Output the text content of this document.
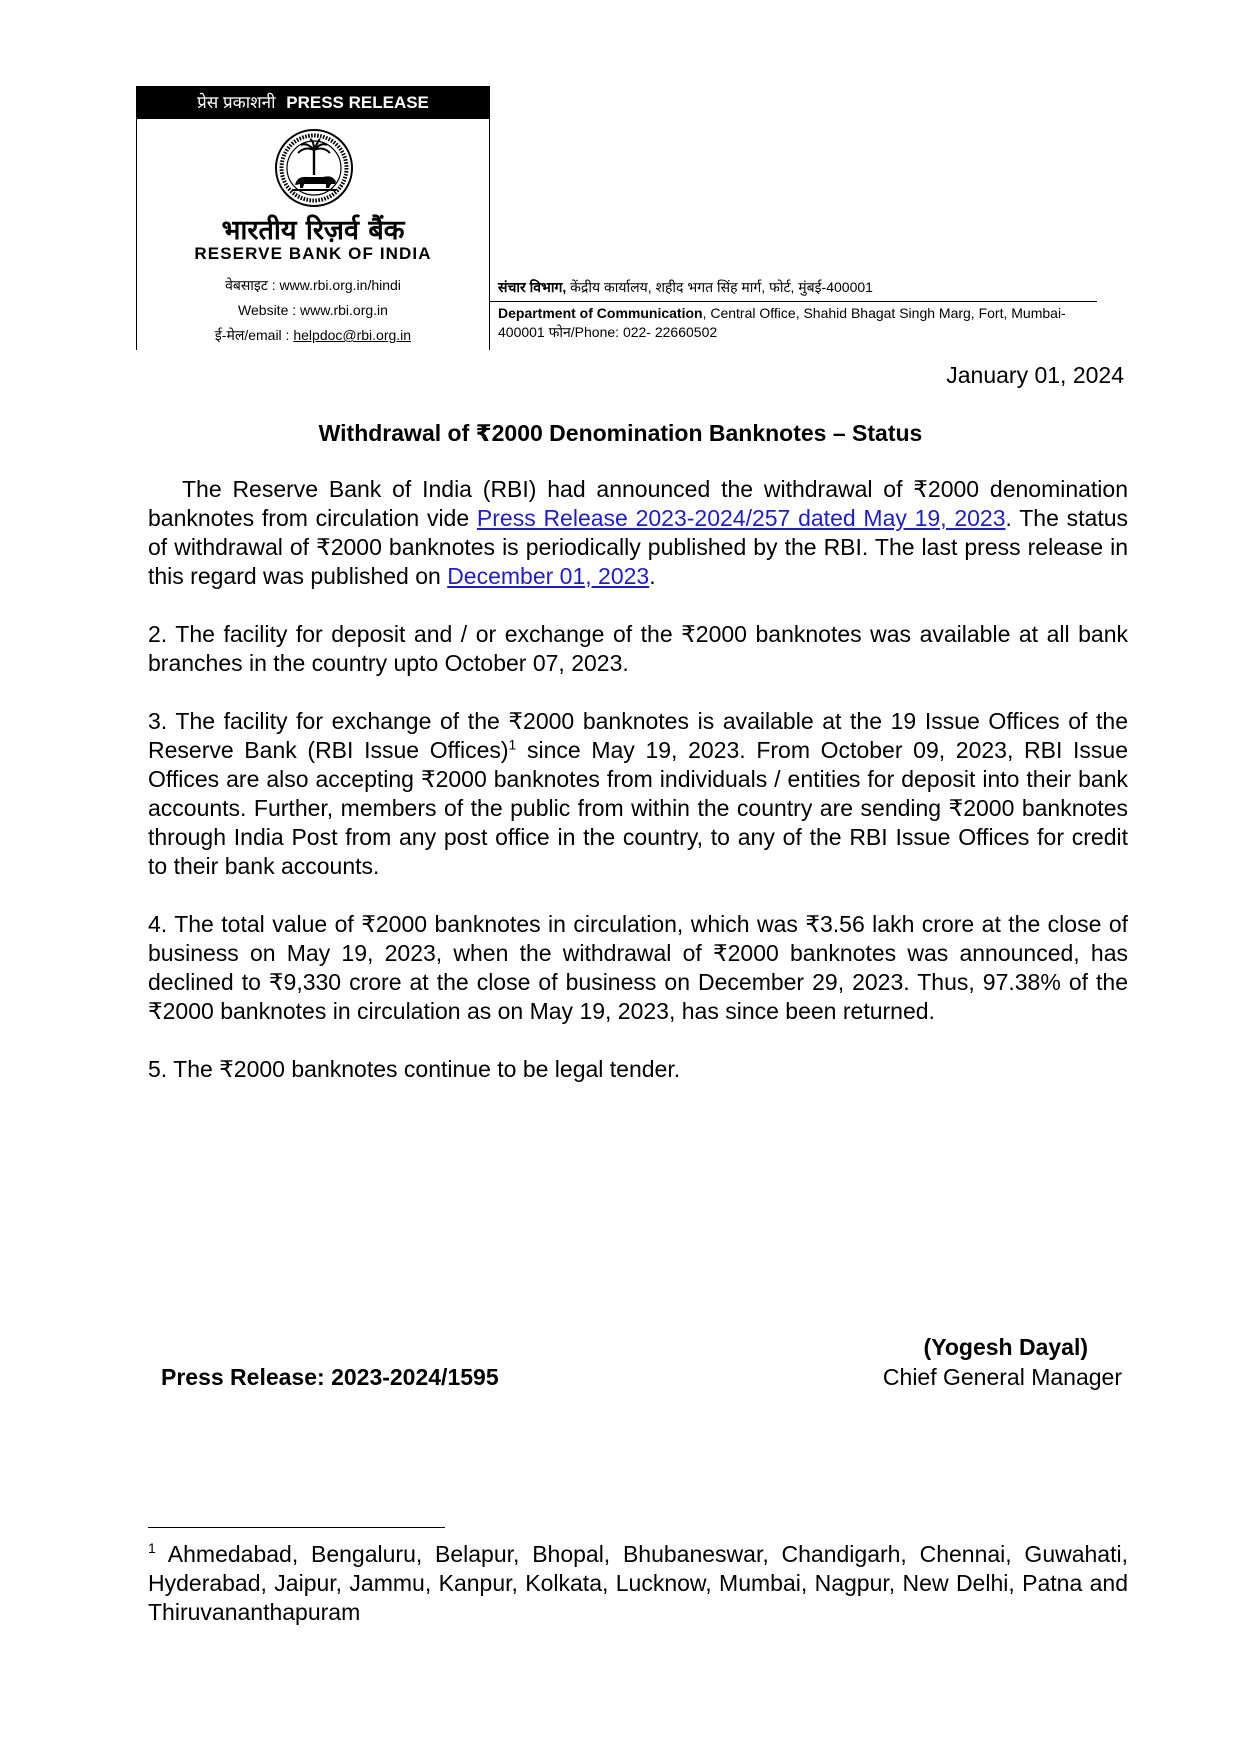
प्रेस प्रकाशनी PRESS RELEASE
भारतीय रिज़र्व बैंक
RESERVE BANK OF INDIA
वेबसाइट : www.rbi.org.in/hindi
Website : www.rbi.org.in
ई-मेल/email : helpdoc@rbi.org.in
संचार विभाग, केंद्रीय कार्यालय, शहीद भगत सिंह मार्ग, फोर्ट, मुंबई-400001
Department of Communication, Central Office, Shahid Bhagat Singh Marg, Fort, Mumbai-400001 फोन/Phone: 022- 22660502
January 01, 2024
Withdrawal of ₹2000 Denomination Banknotes – Status

The Reserve Bank of India (RBI) had announced the withdrawal of ₹2000 denomination banknotes from circulation vide Press Release 2023-2024/257 dated May 19, 2023. The status of withdrawal of ₹2000 banknotes is periodically published by the RBI. The last press release in this regard was published on December 01, 2023.

2. The facility for deposit and / or exchange of the ₹2000 banknotes was available at all bank branches in the country upto October 07, 2023.

3. The facility for exchange of the ₹2000 banknotes is available at the 19 Issue Offices of the Reserve Bank (RBI Issue Offices)$^1$ since May 19, 2023. From October 09, 2023, RBI Issue Offices are also accepting ₹2000 banknotes from individuals / entities for deposit into their bank accounts. Further, members of the public from within the country are sending ₹2000 banknotes through India Post from any post office in the country, to any of the RBI Issue Offices for credit to their bank accounts.

4. The total value of ₹2000 banknotes in circulation, which was ₹3.56 lakh crore at the close of business on May 19, 2023, when the withdrawal of ₹2000 banknotes was announced, has declined to ₹9,330 crore at the close of business on December 29, 2023. Thus, 97.38% of the ₹2000 banknotes in circulation as on May 19, 2023, has since been returned.

5. The ₹2000 banknotes continue to be legal tender.

(Yogesh Dayal)
Press Release: 2023-2024/1595	Chief General Manager
$^1$ Ahmedabad, Bengaluru, Belapur, Bhopal, Bhubaneswar, Chandigarh, Chennai, Guwahati, Hyderabad, Jaipur, Jammu, Kanpur, Kolkata, Lucknow, Mumbai, Nagpur, New Delhi, Patna and Thiruvananthapuram
